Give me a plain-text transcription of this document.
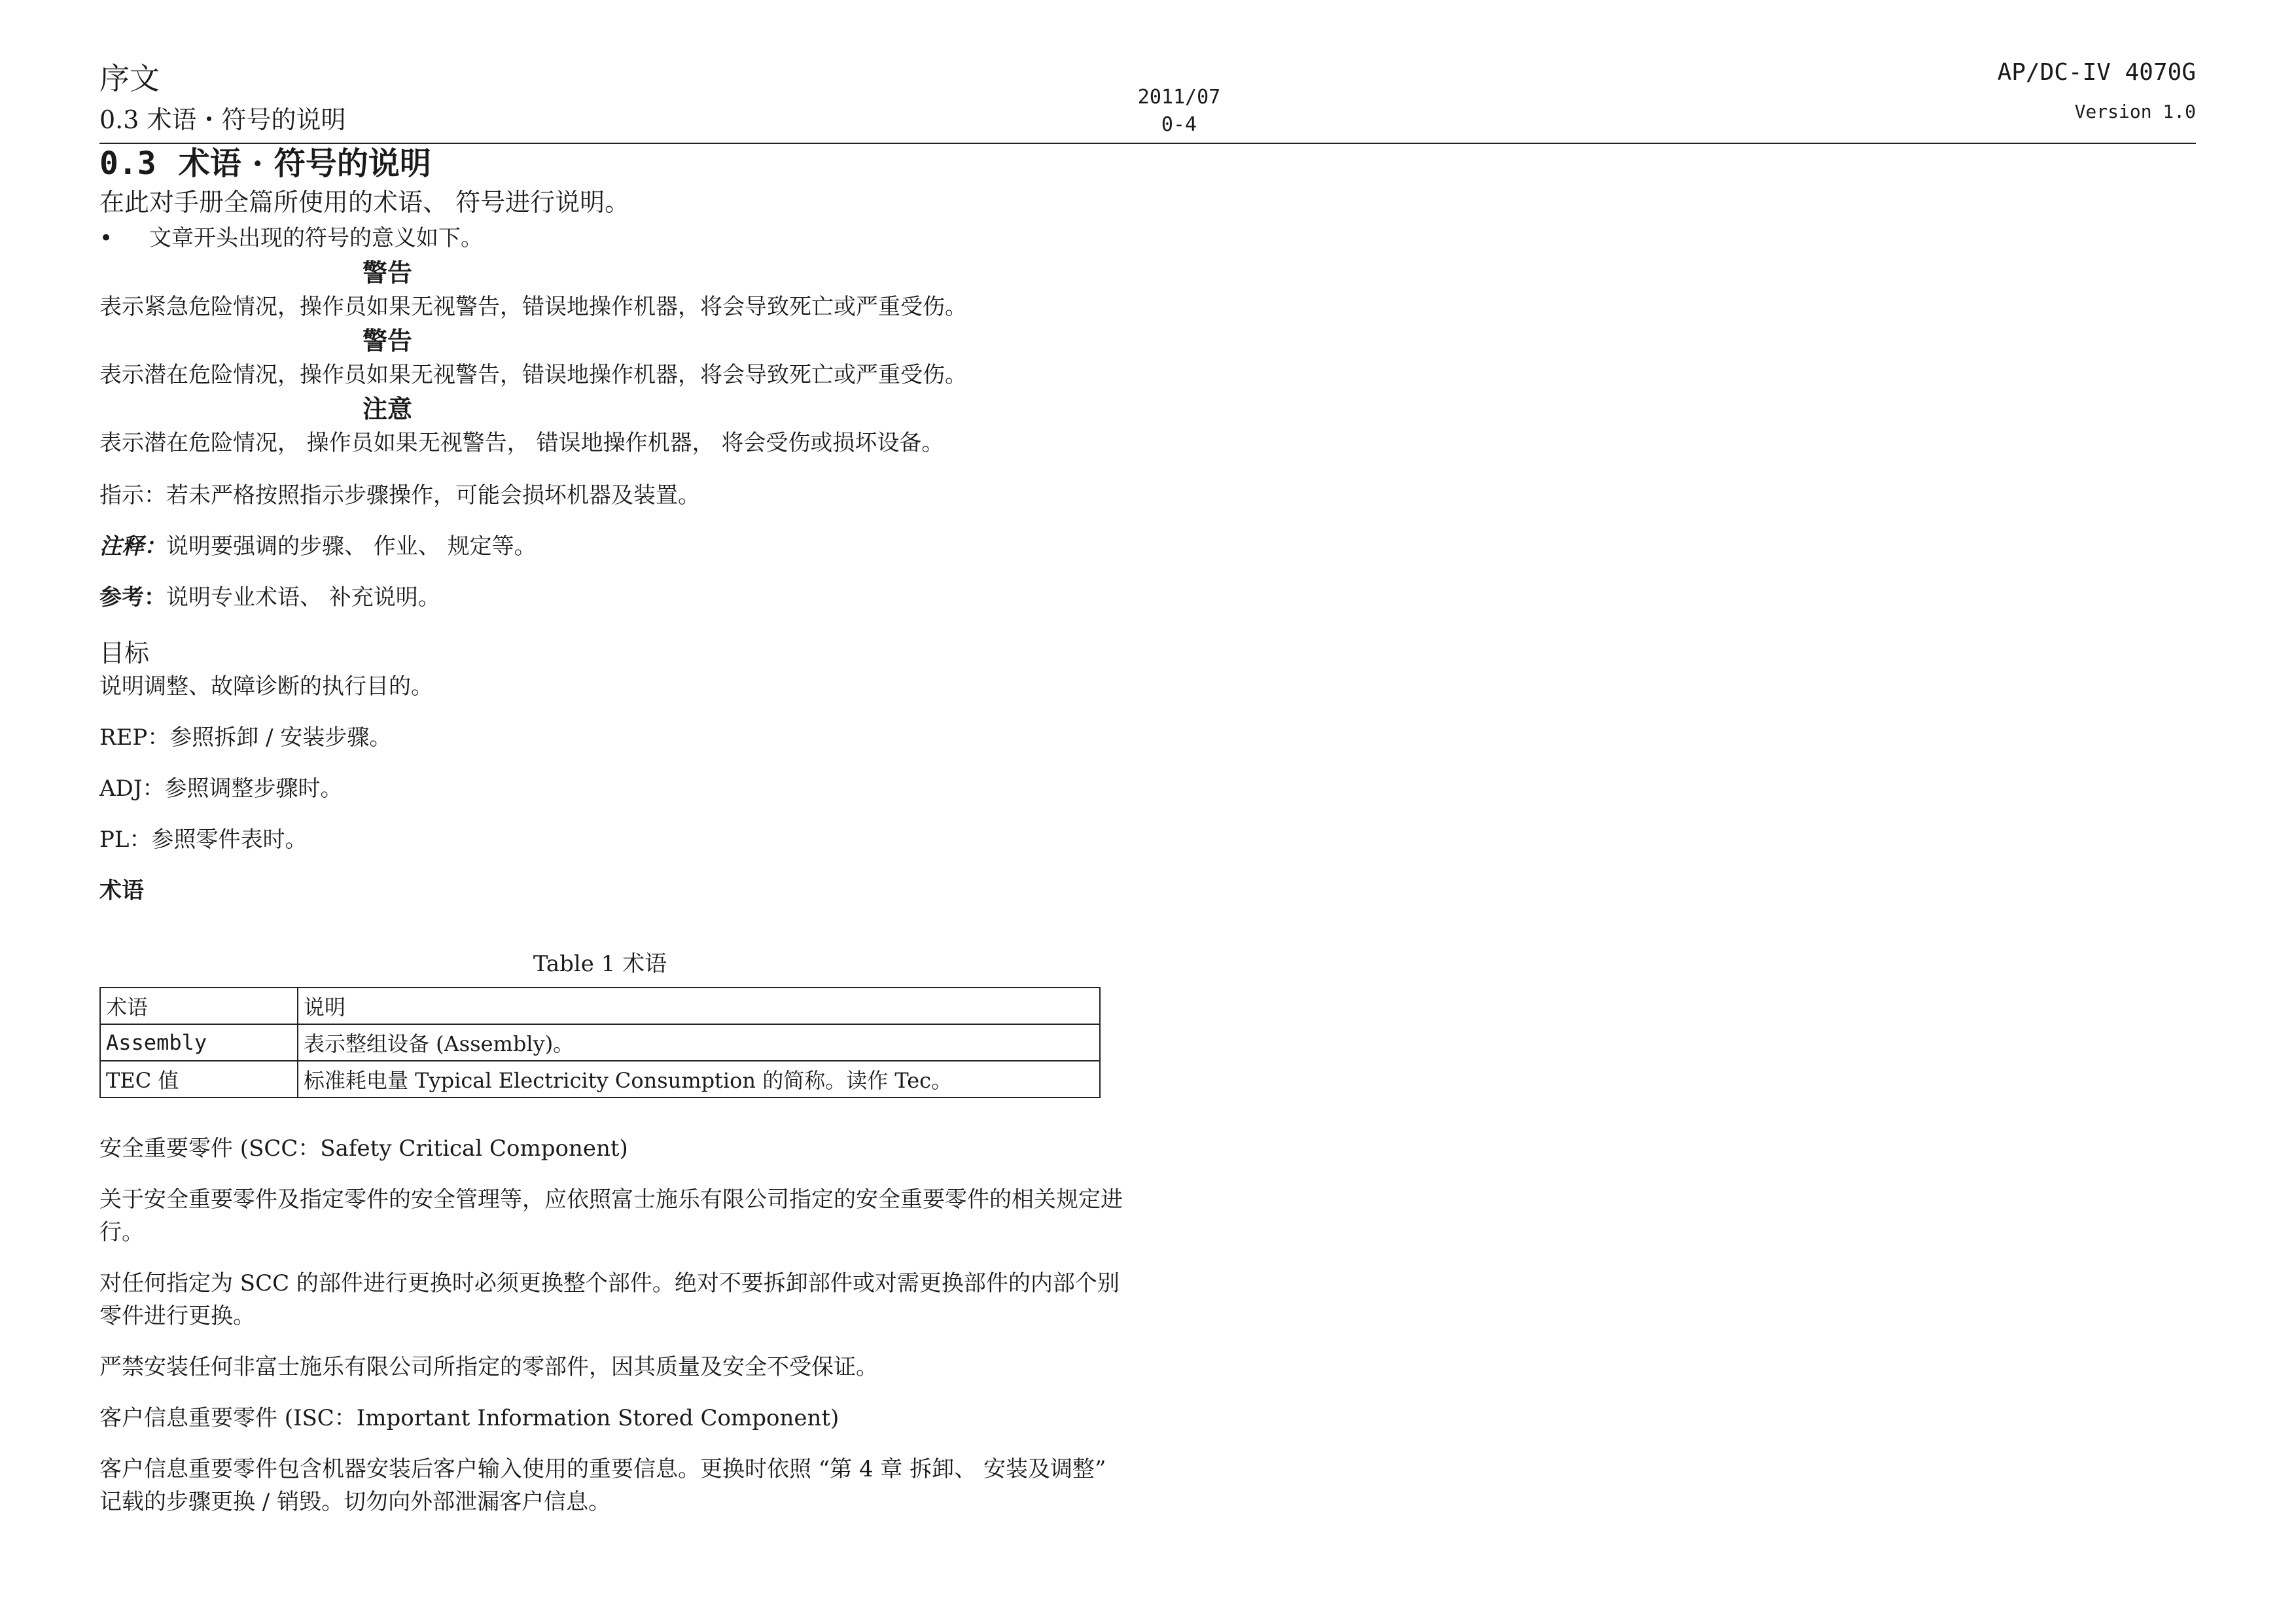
序文
0.3 术语・符号的说明
2011/07
0-4
AP/DC-IV 4070G
Version 1.0
0.3 术语 · 符号的说明
在此对手册全篇所使用的术语、 符号进行说明。
• 文章开头出现的符号的意义如下。
警告
表示紧急危险情况，操作员如果无视警告，错误地操作机器，将会导致死亡或严重受伤。
警告
表示潜在危险情况，操作员如果无视警告，错误地操作机器，将会导致死亡或严重受伤。
注意
表示潜在危险情况， 操作员如果无视警告， 错误地操作机器， 将会受伤或损坏设备。
指示：若未严格按照指示步骤操作，可能会损坏机器及装置。
注释：说明要强调的步骤、 作业、 规定等。
参考：说明专业术语、 补充说明。
目标
说明调整、故障诊断的执行目的。
REP：参照拆卸 / 安装步骤。
ADJ：参照调整步骤时。
PL：参照零件表时。
术语
Table 1 术语
术语	说明
Assembly	表示整组设备 (Assembly)。
TEC 值	标准耗电量 Typical Electricity Consumption 的简称。读作 Tec。
安全重要零件 (SCC：Safety Critical Component)
关于安全重要零件及指定零件的安全管理等，应依照富士施乐有限公司指定的安全重要零件的相关规定进行。
对任何指定为 SCC 的部件进行更换时必须更换整个部件。绝对不要拆卸部件或对需更换部件的内部个别零件进行更换。
严禁安装任何非富士施乐有限公司所指定的零部件，因其质量及安全不受保证。
客户信息重要零件 (ISC：Important Information Stored Component)
客户信息重要零件包含机器安装后客户输入使用的重要信息。更换时依照 “第 4 章 拆卸、 安装及调整” 记载的步骤更换 / 销毁。切勿向外部泄漏客户信息。
